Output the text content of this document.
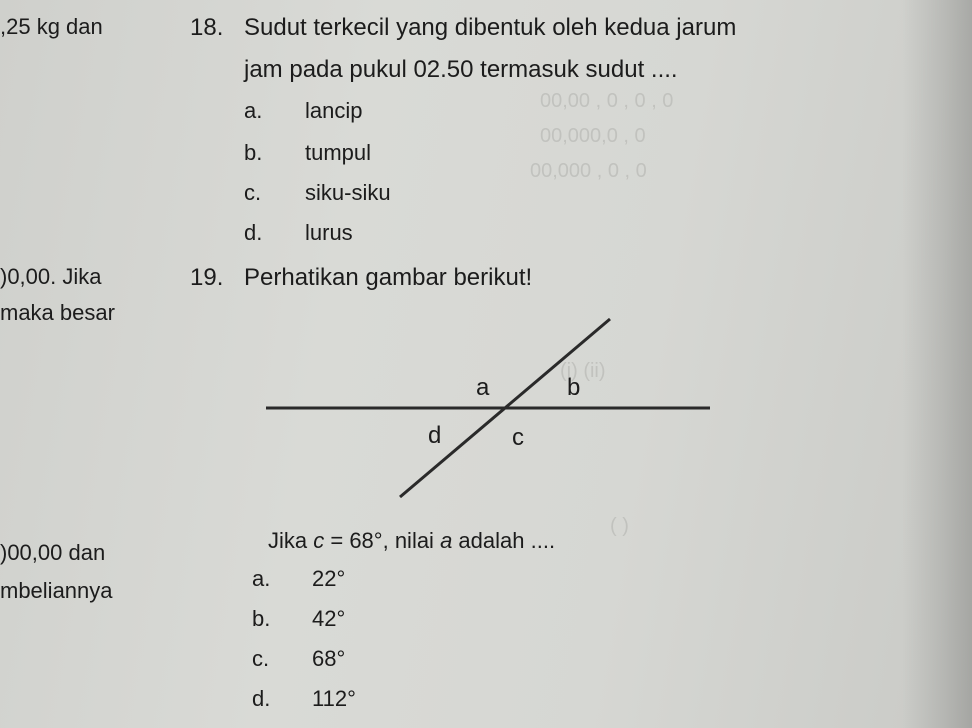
00,00 , 0 , 0 , 0
00,000,0 , 0
00,000 , 0 , 0
(i) (ii)
( )
,25 kg dan
)0,00. Jika
maka besar
)00,00 dan
mbeliannya
18. Sudut terkecil yang dibentuk oleh kedua jarum
jam pada pukul 02.50 termasuk sudut ....
a. lancip
b. tumpul
c. siku-siku
d. lurus
19. Perhatikan gambar berikut!
a	b
d	c
Jika c = 68°, nilai a adalah ....
a. 22°
b. 42°
c. 68°
d. 112°
